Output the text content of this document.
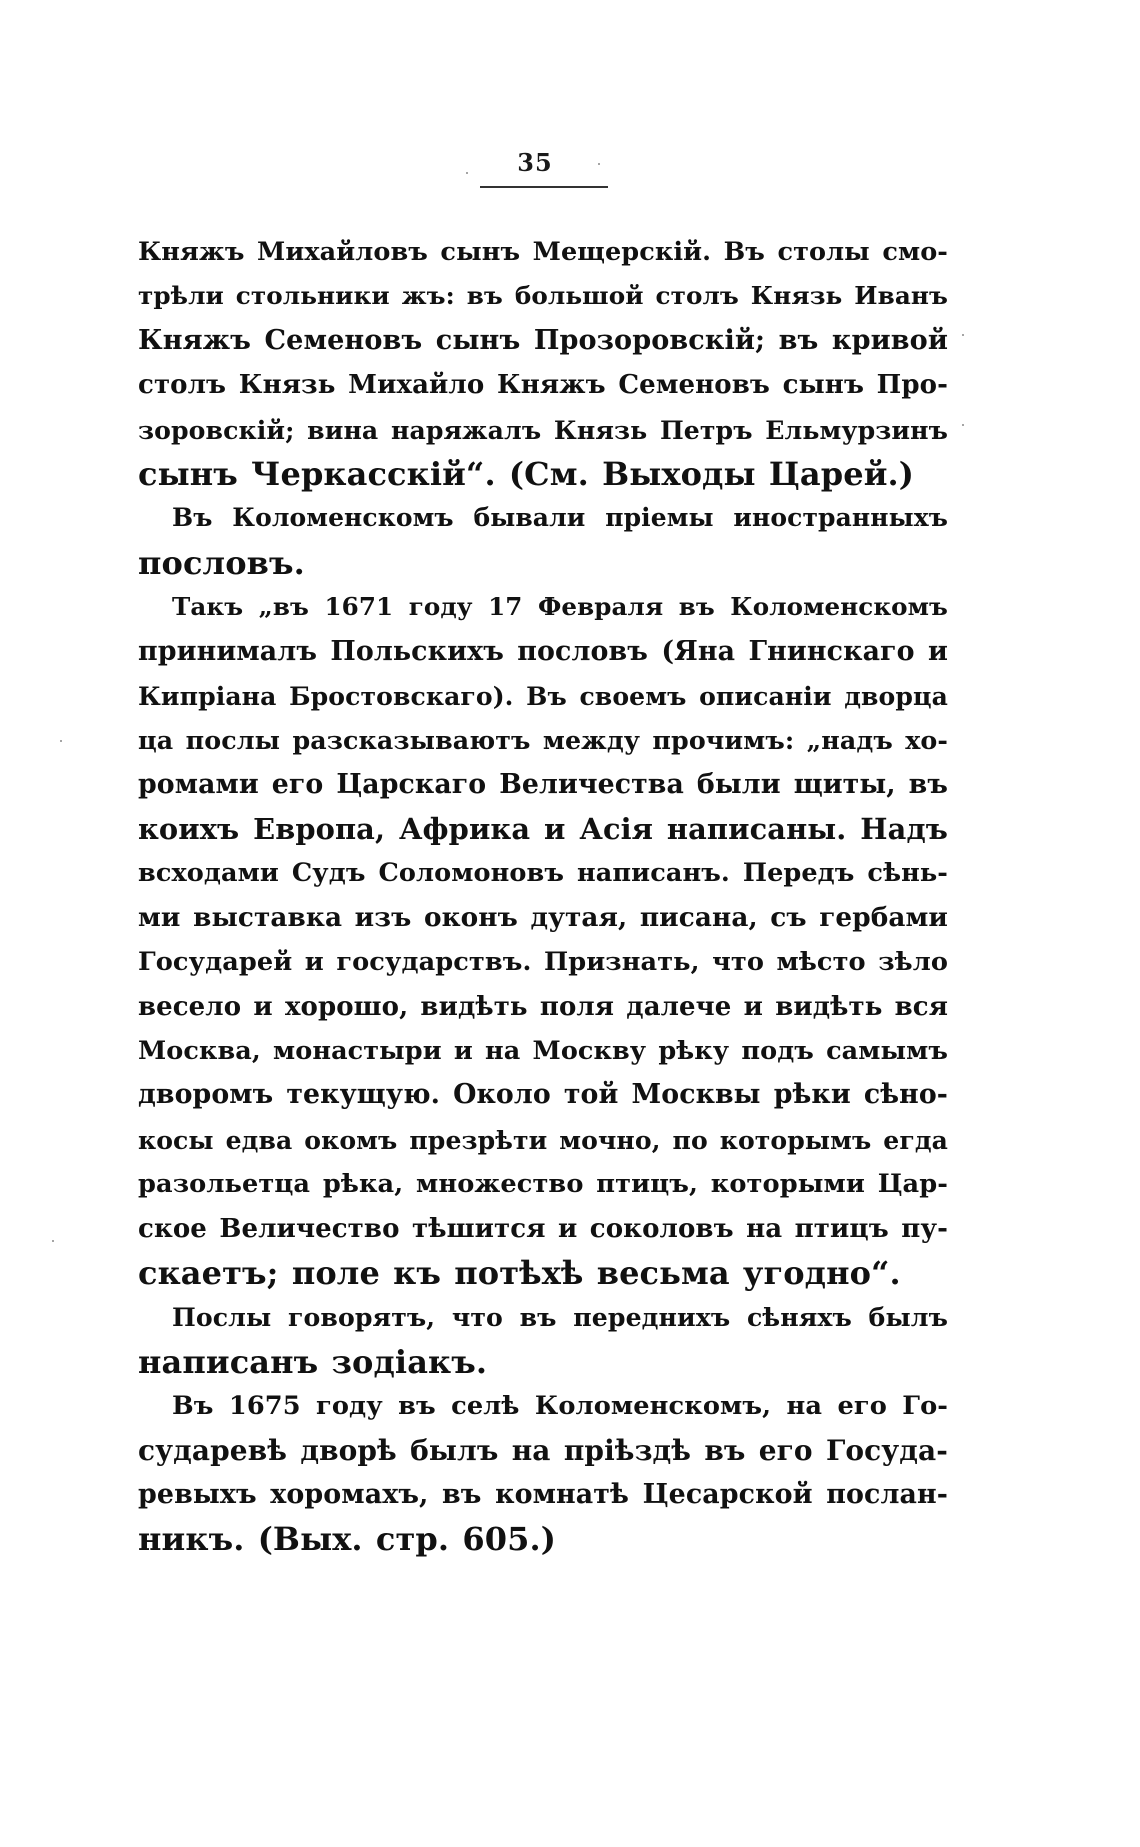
35
Княжъ Михайловъ сынъ Мещерскій. Въ столы смо-
трѣли стольники жъ: въ большой столъ Князь Иванъ
Княжъ Семеновъ сынъ Прозоровскій; въ кривой
столъ Князь Михайло Княжъ Семеновъ сынъ Про-
зоровскій; вина наряжалъ Князь Петръ Ельмурзинъ
сынъ Черкасскій“. (См. Выходы Царей.)
Въ Коломенскомъ бывали пріемы иностранныхъ
пословъ.
Такъ „въ 1671 году 17 Февраля въ Коломенскомъ
принималъ Польскихъ пословъ (Яна Гнинскаго и
Кипріана Бростовскаго). Въ своемъ описаніи дворца
ца послы разсказываютъ между прочимъ: „надъ хо-
ромами его Царскаго Величества были щиты, въ
коихъ Европа, Африка и Асія написаны. Надъ
всходами Судъ Соломоновъ написанъ. Передъ сѣнь-
ми выставка изъ оконъ дутая, писана, съ гербами
Государей и государствъ. Признать, что мѣсто зѣло
весело и хорошо, видѣть поля далече и видѣть вся
Москва, монастыри и на Москву рѣку подъ самымъ
дворомъ текущую. Около той Москвы рѣки сѣно-
косы едва окомъ презрѣти мочно, по которымъ егда
разольетца рѣка, множество птицъ, которыми Цар-
ское Величество тѣшится и соколовъ на птицъ пу-
скаетъ; поле къ потѣхѣ весьма угодно“.
Послы говорятъ, что въ переднихъ сѣняхъ былъ
написанъ зодіакъ.
Въ 1675 году въ селѣ Коломенскомъ, на его Го-
сударевѣ дворѣ былъ на пріѣздѣ въ его Госуда-
ревыхъ хоромахъ, въ комнатѣ Цесарской послан-
никъ. (Вых. стр. 605.)
